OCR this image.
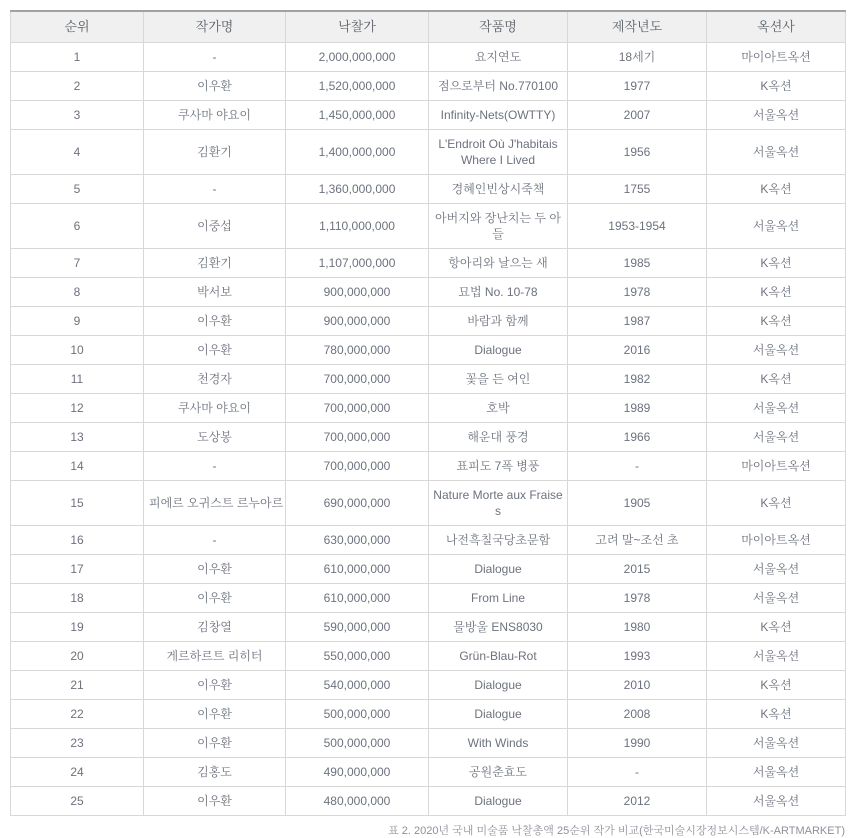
순위	작가명	낙찰가	작품명	제작년도	옥션사
1	-	2,000,000,000	요지연도	18세기	마이아트옥션
2	이우환	1,520,000,000	점으로부터 No.770100	1977	K옥션
3	쿠사마 야요이	1,450,000,000	Infinity-Nets(OWTTY)	2007	서울옥션
4	김환기	1,400,000,000	L'Endroit Où J'habitais Where I Lived	1956	서울옥션
5	-	1,360,000,000	경혜인빈상시죽책	1755	K옥션
6	이중섭	1,110,000,000	아버지와 장난치는 두 아들	1953-1954	서울옥션
7	김환기	1,107,000,000	항아리와 날으는 새	1985	K옥션
8	박서보	900,000,000	묘법 No. 10-78	1978	K옥션
9	이우환	900,000,000	바람과 함께	1987	K옥션
10	이우환	780,000,000	Dialogue	2016	서울옥션
11	천경자	700,000,000	꽃을 든 여인	1982	K옥션
12	쿠사마 야요이	700,000,000	호박	1989	서울옥션
13	도상봉	700,000,000	해운대 풍경	1966	서울옥션
14	-	700,000,000	표피도 7폭 병풍	-	마이아트옥션
15	피에르 오귀스트 르누아르	690,000,000	Nature Morte aux Fraises	1905	K옥션
16	-	630,000,000	나전흑칠국당초문함	고려 말~조선 초	마이아트옥션
17	이우환	610,000,000	Dialogue	2015	서울옥션
18	이우환	610,000,000	From Line	1978	서울옥션
19	김창열	590,000,000	물방울 ENS8030	1980	K옥션
20	게르하르트 리히터	550,000,000	Grün-Blau-Rot	1993	서울옥션
21	이우환	540,000,000	Dialogue	2010	K옥션
22	이우환	500,000,000	Dialogue	2008	K옥션
23	이우환	500,000,000	With Winds	1990	서울옥션
24	김홍도	490,000,000	공원춘효도	-	서울옥션
25	이우환	480,000,000	Dialogue	2012	서울옥션
표 2. 2020년 국내 미술품 낙찰총액 25순위 작가 비교(한국미술시장정보시스템/K-ARTMARKET)
